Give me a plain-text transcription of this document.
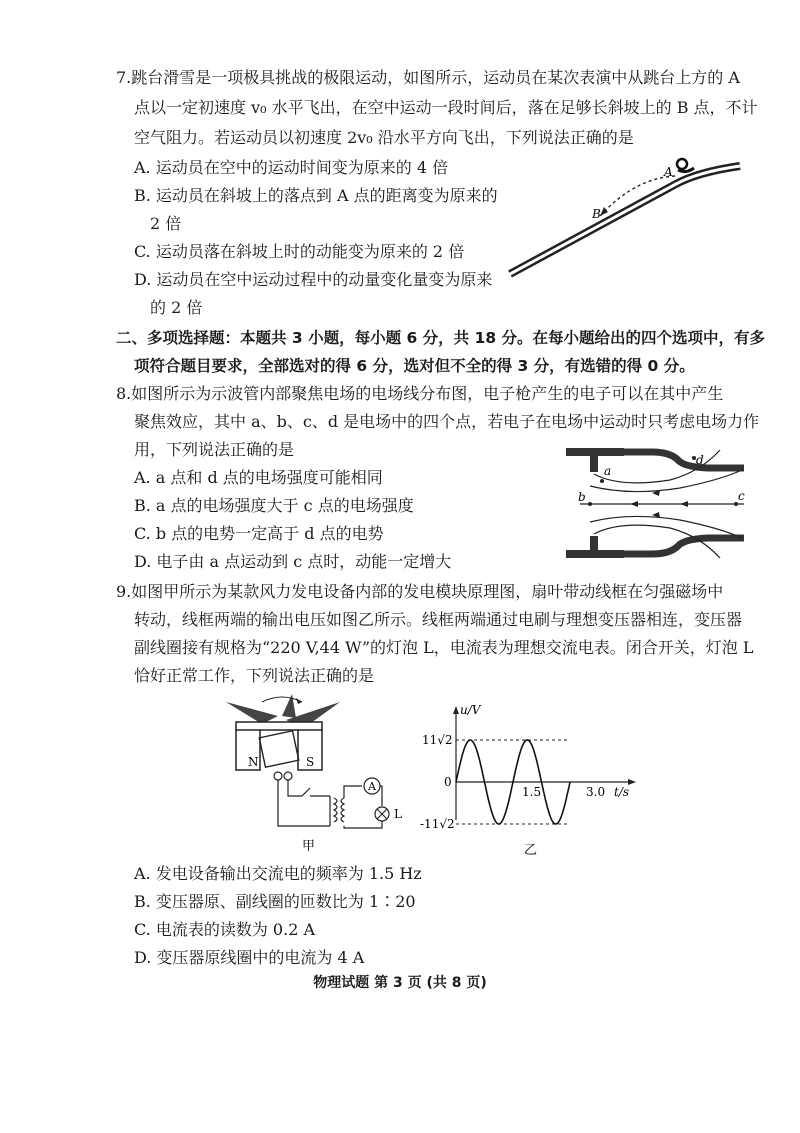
7.跳台滑雪是一项极具挑战的极限运动，如图所示，运动员在某次表演中从跳台上方的 A
点以一定初速度 v₀ 水平飞出，在空中运动一段时间后，落在足够长斜坡上的 B 点，不计
空气阻力。若运动员以初速度 2v₀ 沿水平方向飞出，下列说法正确的是
A. 运动员在空中的运动时间变为原来的 4 倍
B. 运动员在斜坡上的落点到 A 点的距离变为原来的
2 倍
C. 运动员落在斜坡上时的动能变为原来的 2 倍
D. 运动员在空中运动过程中的动量变化量变为原来
的 2 倍
A
B
二、多项选择题：本题共 3 小题，每小题 6 分，共 18 分。在每小题给出的四个选项中，有多
项符合题目要求，全部选对的得 6 分，选对但不全的得 3 分，有选错的得 0 分。
8.如图所示为示波管内部聚焦电场的电场线分布图，电子枪产生的电子可以在其中产生
聚焦效应，其中 a、b、c、d 是电场中的四个点，若电子在电场中运动时只考虑电场力作
用，下列说法正确的是
A. a 点和 d 点的电场强度可能相同
B. a 点的电场强度大于 c 点的电场强度
C. b 点的电势一定高于 d 点的电势
D. 电子由 a 点运动到 c 点时，动能一定增大
a
b	c
d
9.如图甲所示为某款风力发电设备内部的发电模块原理图，扇叶带动线框在匀强磁场中
转动，线框两端的输出电压如图乙所示。线框两端通过电刷与理想变压器相连，变压器
副线圈接有规格为“220 V,44 W”的灯泡 L，电流表为理想交流电表。闭合开关，灯泡 L
恰好正常工作，下列说法正确的是
N	S
A
L
甲
u/V
t/s
11√2
-11√2
0
1.5	3.0
乙
A. 发电设备输出交流电的频率为 1.5 Hz
B. 变压器原、副线圈的匝数比为 1∶20
C. 电流表的读数为 0.2 A
D. 变压器原线圈中的电流为 4 A
物理试题 第 3 页 (共 8 页)
